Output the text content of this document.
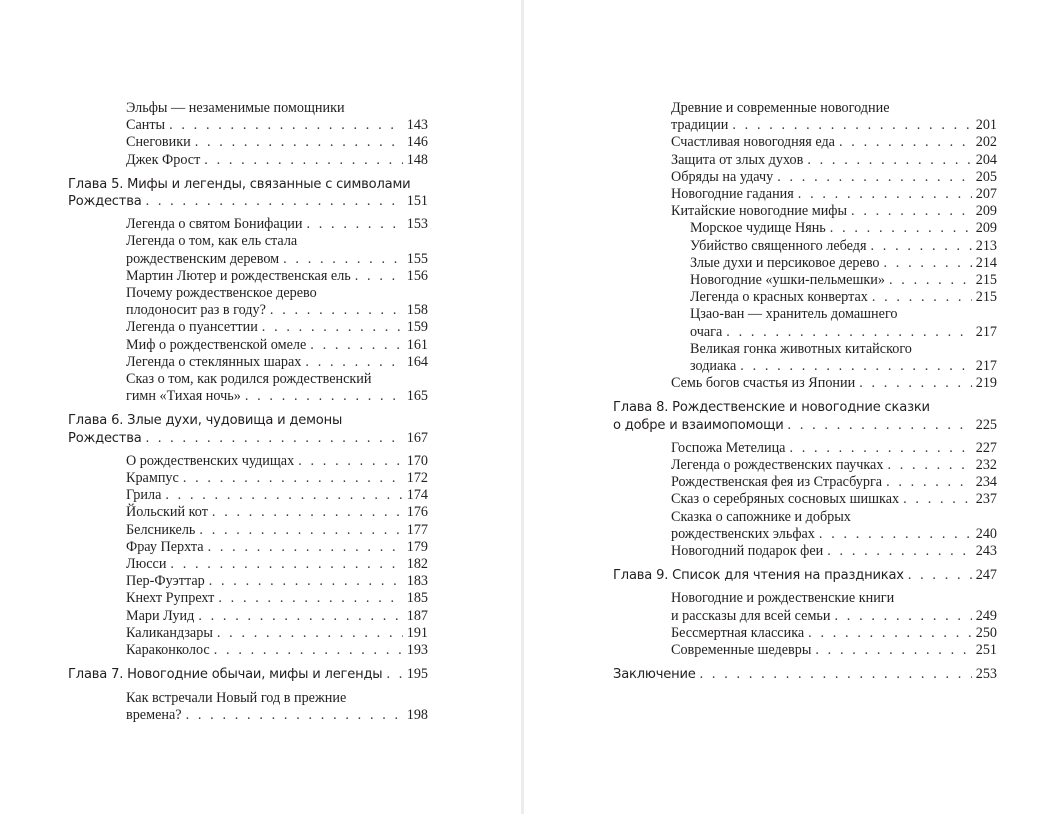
Эльфы — незаменимые помощники
Санты . . .	143
Снеговики . . .	146
Джек Фрост . . .	148
Глава 5. Мифы и легенды, связанные с символами
Рождества . . .	151
Легенда о святом Бонифации . . .	153
Легенда о том, как ель стала
рождественским деревом . . .	155
Мартин Лютер и рождественская ель . . .	156
Почему рождественское дерево
плодоносит раз в году? . . .	158
Легенда о пуансеттии . . .	159
Миф о рождественской омеле . . .	161
Легенда о стеклянных шарах . . .	164
Сказ о том, как родился рождественский
гимн «Тихая ночь» . . .	165
Глава 6. Злые духи, чудовища и демоны
Рождества . . .	167
О рождественских чудищах . . .	170
Крампус . . .	172
Грила . . .	174
Йольский кот . . .	176
Белсникель . . .	177
Фрау Перхта . . .	179
Люсси . . .	182
Пер-Фуэттар . . .	183
Кнехт Рупрехт . . .	185
Мари Луид . . .	187
Каликандзары . . .	191
Караконколос . . .	193
Глава 7. Новогодние обычаи, мифы и легенды . . . 195
Как встречали Новый год в прежние
времена? . . .	198
Древние и современные новогодние
традиции . . .	201
Счастливая новогодняя еда . . .	202
Защита от злых духов . . .	204
Обряды на удачу . . .	205
Новогодние гадания . . .	207
Китайские новогодние мифы . . .	209
Морское чудище Нянь . . .	209
Убийство священного лебедя . . .	213
Злые духи и персиковое дерево . . .	214
Новогодние «ушки-пельмешки» . . .	215
Легенда о красных конвертах . . .	215
Цзао-ван — хранитель домашнего
очага . . .	217
Великая гонка животных китайского
зодиака . . .	217
Семь богов счастья из Японии . . .	219
Глава 8. Рождественские и новогодние сказки
о добре и взаимопомощи . . .	225
Госпожа Метелица . . .	227
Легенда о рождественских паучках . . .	232
Рождественская фея из Страсбурга . . .	234
Сказ о серебряных сосновых шишках . . .	237
Сказка о сапожнике и добрых
рождественских эльфах . . .	240
Новогодний подарок феи . . .	243
Глава 9. Список для чтения на праздниках . . .	247
Новогодние и рождественские книги
и рассказы для всей семьи . . .	249
Бессмертная классика . . .	250
Современные шедевры . . .	251
Заключение . . .	253
